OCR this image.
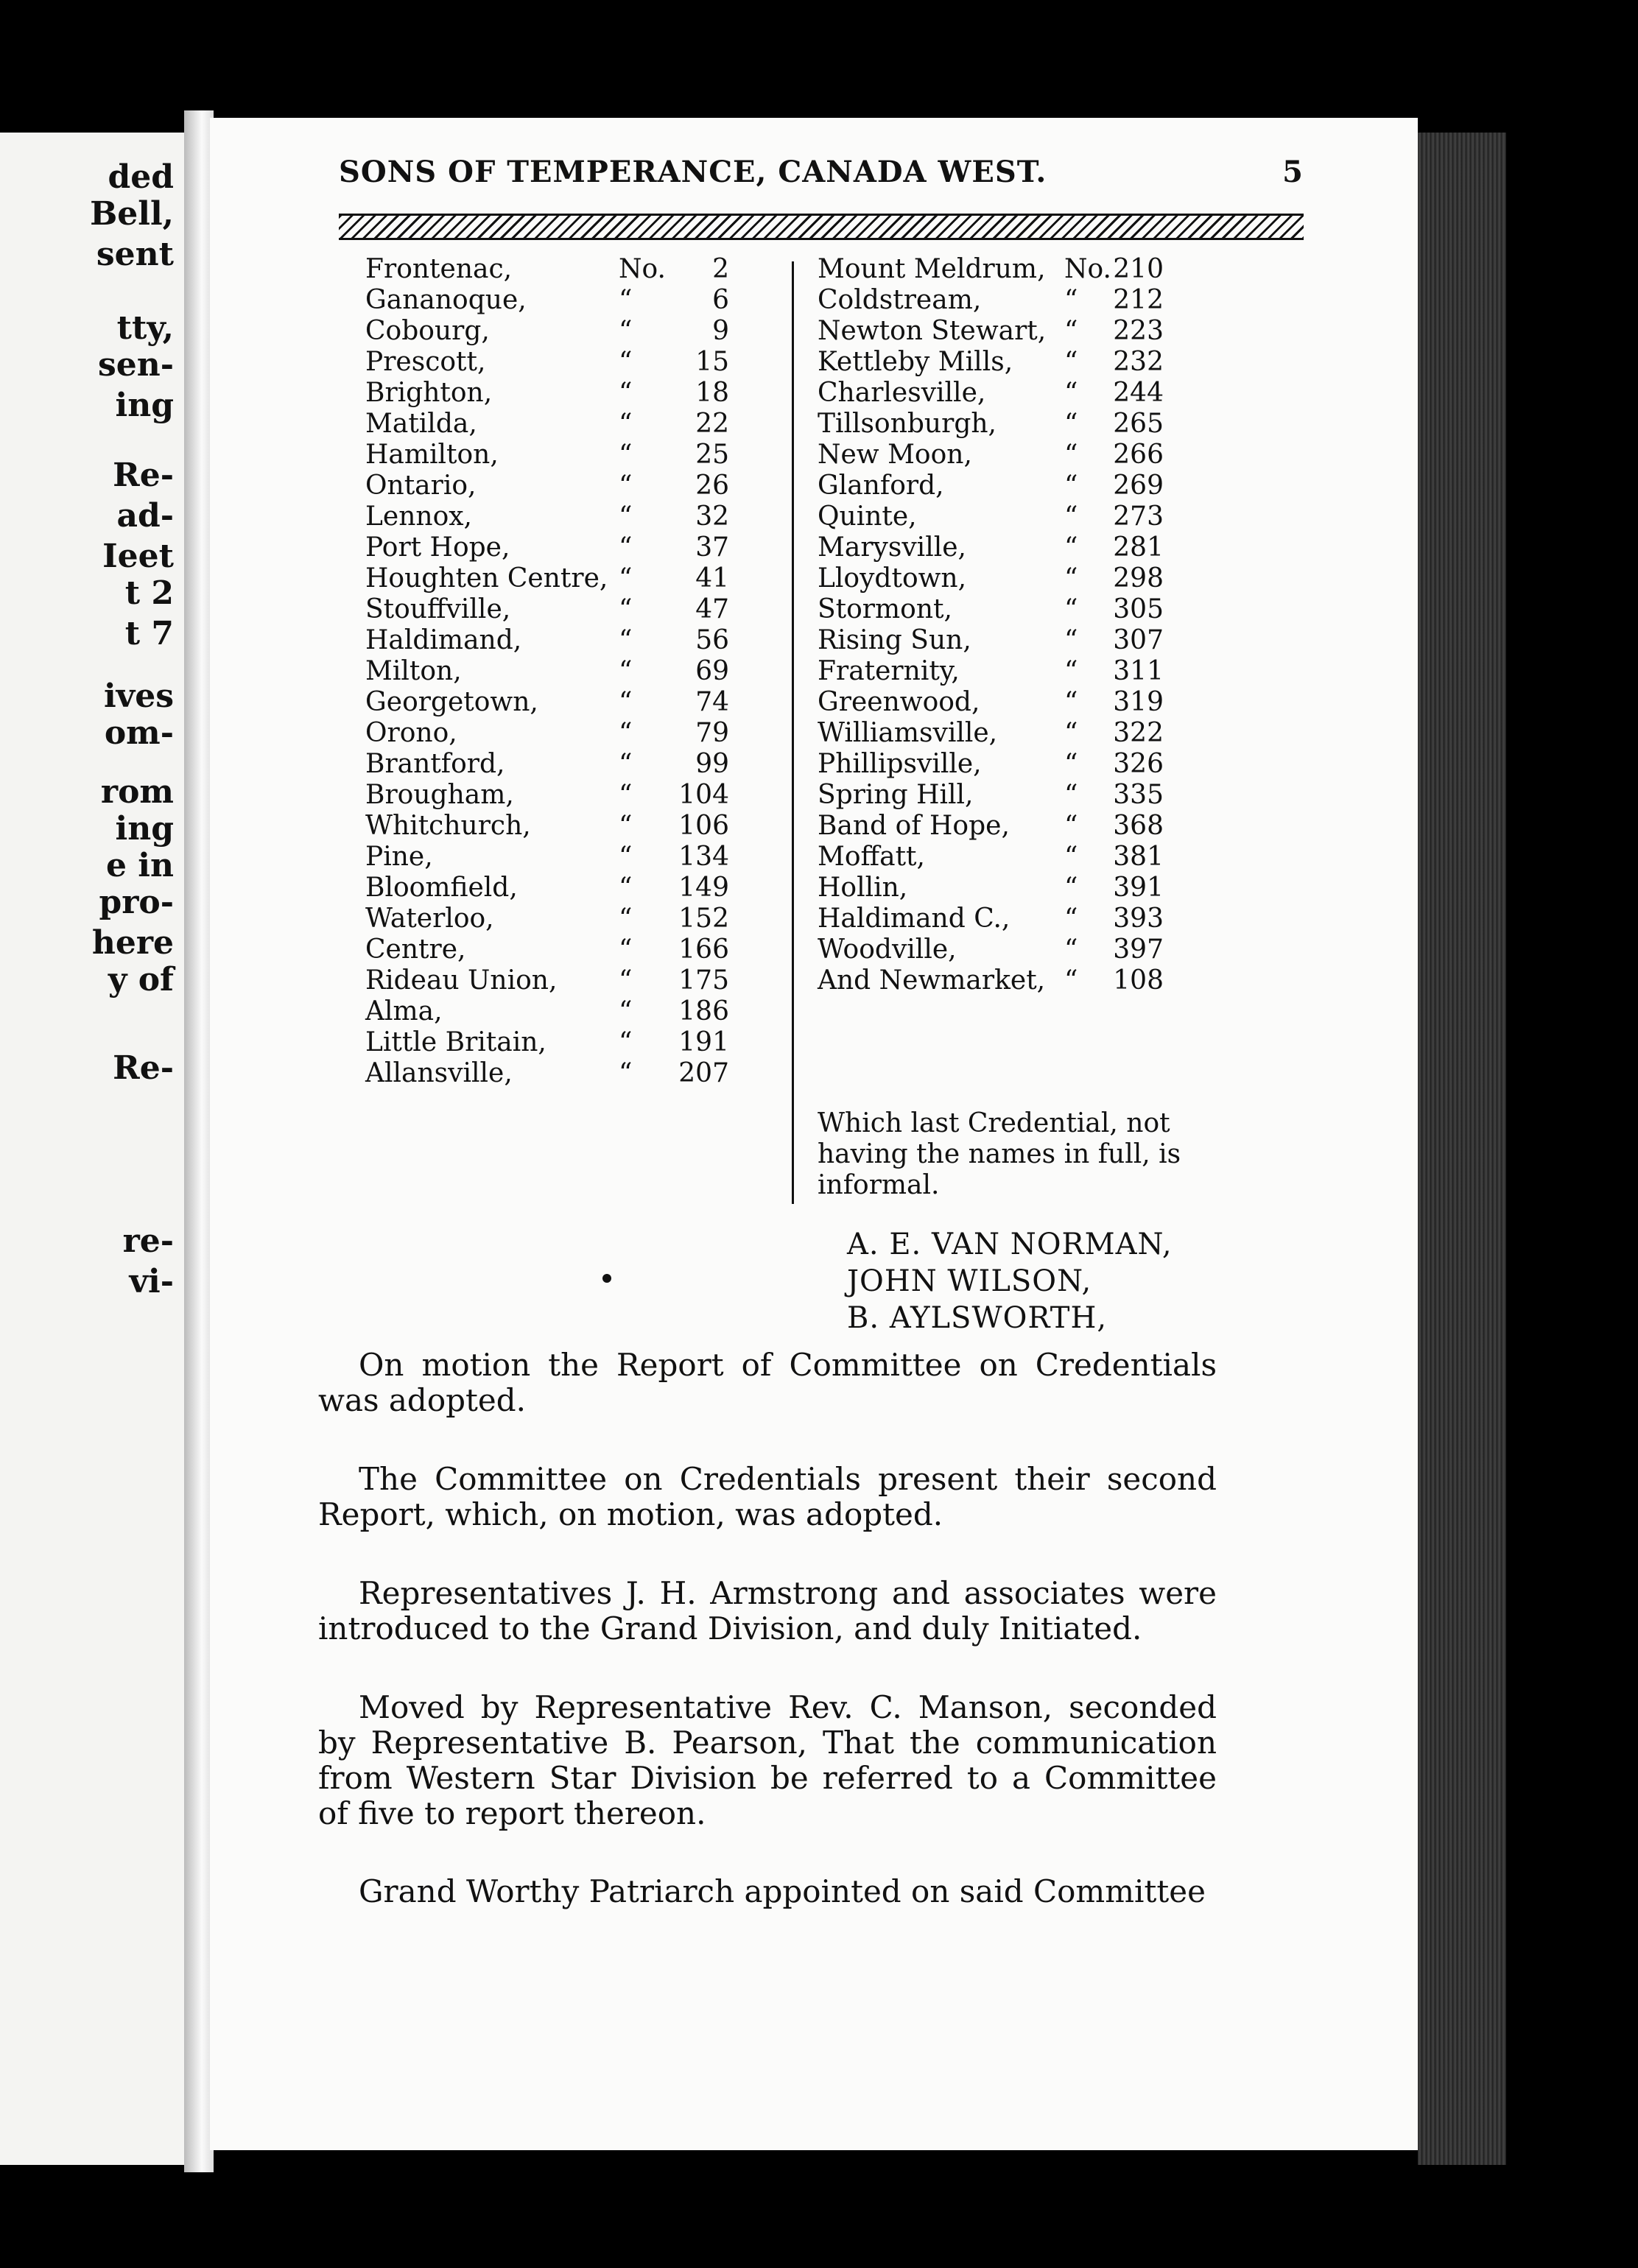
ded
Bell,
sent
tty,
sen-
ing
Re-
ad-
Ieet
t 2
t 7
ives
om-
rom
ing
e in
pro-
here
y of
Re-
re-
vi-
SONS OF TEMPERANCE, CANADA WEST.	5
Frontenac,	No.	2
Gananoque,	“	6
Cobourg,	“	9
Prescott,	“	15
Brighton,	“	18
Matilda,	“	22
Hamilton,	“	25
Ontario,	“	26
Lennox,	“	32
Port Hope,	“	37
Houghten Centre, “	41
Stouffville,	“	47
Haldimand,	“	56
Milton,	“	69
Georgetown,	“	74
Orono,	“	79
Brantford,	“	99
Brougham,	“	104
Whitchurch,	“	106
Pine,	“	134
Bloomfield,	“	149
Waterloo,	“	152
Centre,	“	166
Rideau Union, “	175
Alma,	“	186
Little Britain,	“	191
Allansville,	“	207
Mount Meldrum, No. 210
Coldstream,	“	212
Newton Stewart, “	223
Kettleby Mills, “	232
Charlesville,	“	244
Tillsonburgh,	“	265
New Moon,	“	266
Glanford,	“	269
Quinte,	“	273
Marysville,	“	281
Lloydtown,	“	298
Stormont,	“	305
Rising Sun,	“	307
Fraternity,	“	311
Greenwood,	“	319
Williamsville,	“	322
Phillipsville,	“	326
Spring Hill,	“	335
Band of Hope, “	368
Moffatt,	“	381
Hollin,	“	391
Haldimand C., “	393
Woodville,	“	397
And Newmarket, “	108
Which last Credential, not having the names in full, is informal.
A. E. VAN NORMAN,
JOHN WILSON,
B. AYLSWORTH,
On motion the Report of Committee on Credentials was adopted.
The Committee on Credentials present their second Report, which, on motion, was adopted.
Representatives J. H. Armstrong and associates were introduced to the Grand Division, and duly Initiated.
Moved by Representative Rev. C. Manson, seconded by Representative B. Pearson, That the communication from Western Star Division be referred to a Committee of five to report thereon.
Grand Worthy Patriarch appointed on said Committee
